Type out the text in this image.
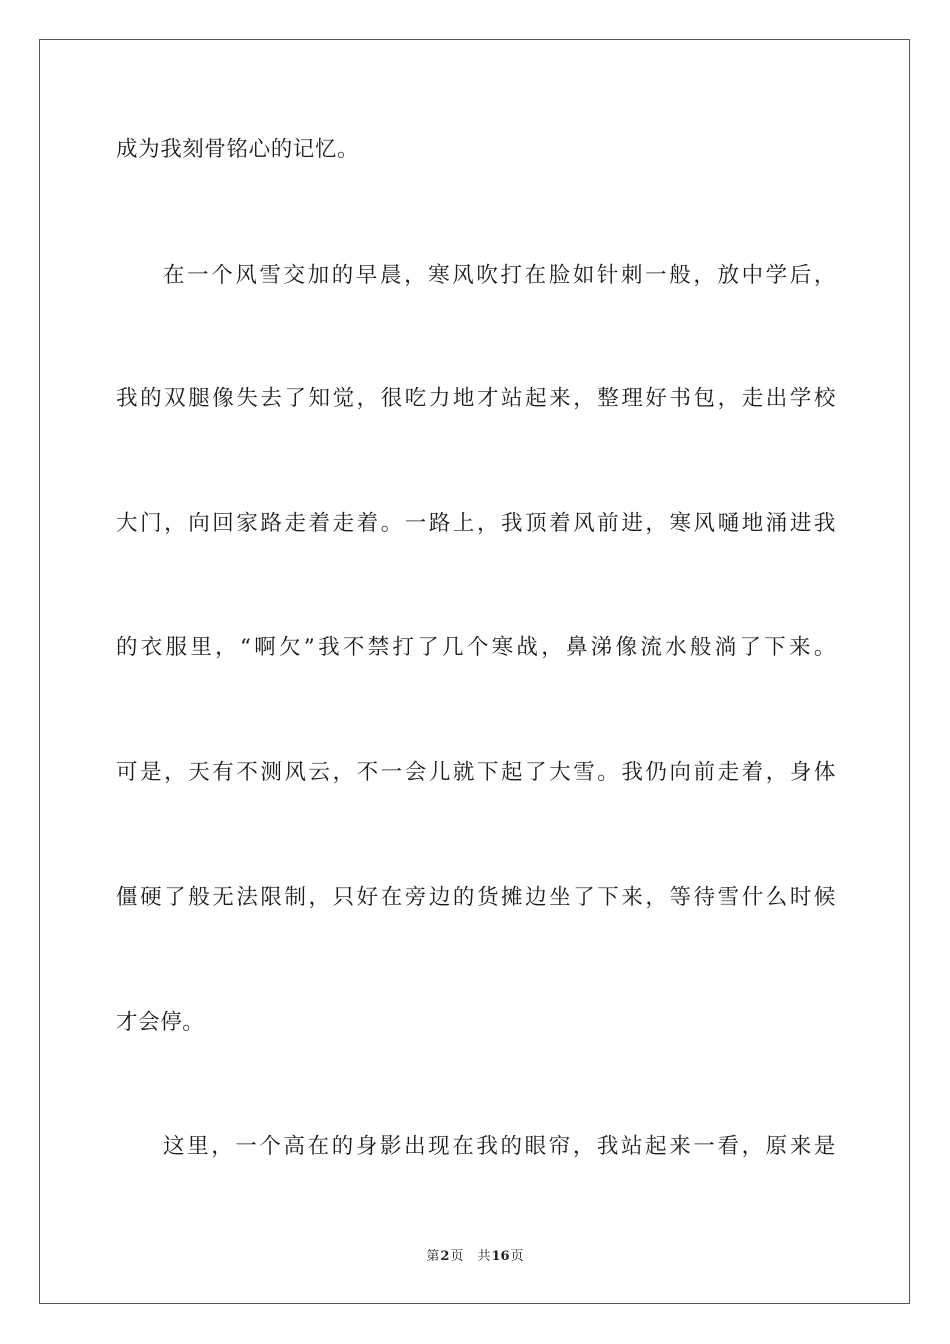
成为我刻骨铭心的记忆。
在一个风雪交加的早晨，寒风吹打在脸如针刺一般，放中学后，
我的双腿像失去了知觉，很吃力地才站起来，整理好书包，走出学校
大门，向回家路走着走着。一路上，我顶着风前进，寒风嗵地涌进我
的衣服里，“啊欠”我不禁打了几个寒战，鼻涕像流水般淌了下来。
可是，天有不测风云，不一会儿就下起了大雪。我仍向前走着，身体
僵硬了般无法限制，只好在旁边的货摊边坐了下来，等待雪什么时候
才会停。
这里，一个高在的身影出现在我的眼帘，我站起来一看，原来是
第2页 共16页
